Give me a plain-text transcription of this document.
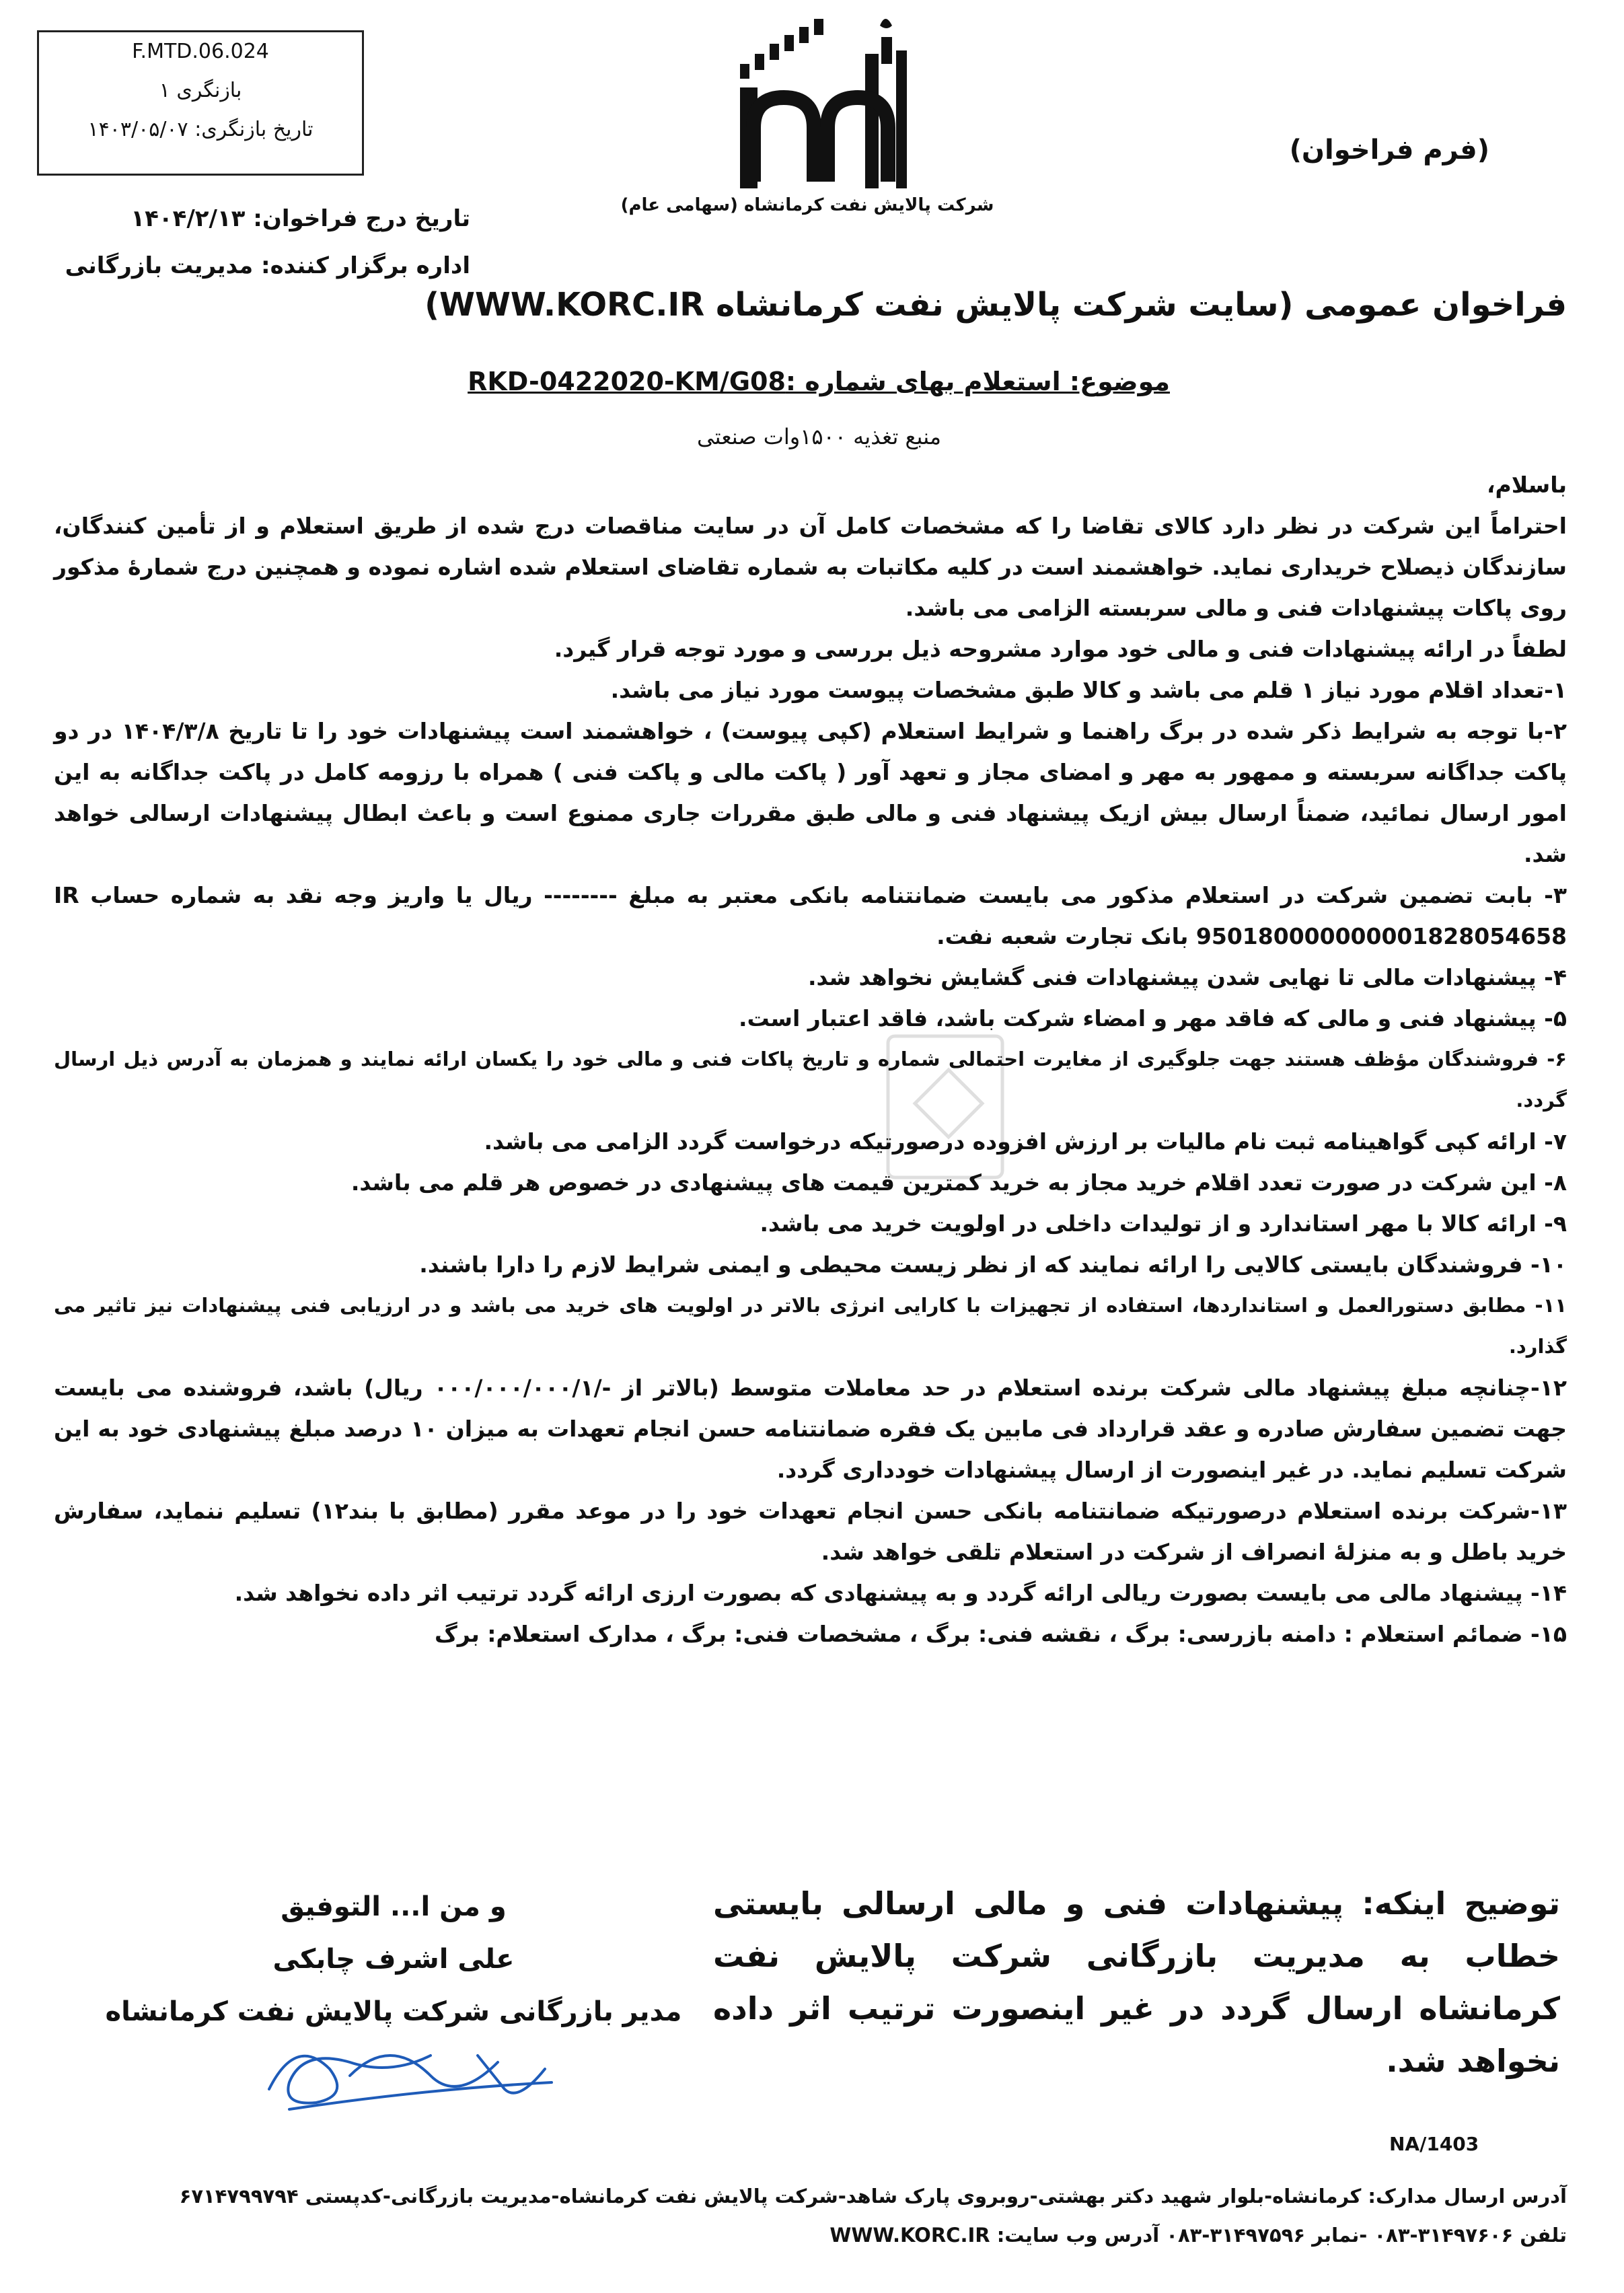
F.MTD.06.024
بازنگری ۱
تاریخ بازنگری: ۱۴۰۳/۰۵/۰۷
شرکت پالایش نفت کرمانشاه (سهامی عام)
(فرم فراخوان)
تاریخ درج فراخوان: ۱۴۰۴/۲/۱۳
اداره برگزار کننده: مدیریت بازرگانی
فراخوان عمومی (سایت شرکت پالایش نفت کرمانشاه WWW.KORC.IR)
موضوع: استعلام بهای شماره :RKD-0422020-KM/G08
منبع تغذیه ۱۵۰۰وات صنعتی

باسلام،

احتراماً این شرکت در نظر دارد کالای تقاضا را که مشخصات کامل آن در سایت مناقصات درج شده از طریق استعلام و از تأمین کنندگان، سازندگان ذیصلاح خریداری نماید. خواهشمند است در کلیه مکاتبات به شماره تقاضای استعلام شده اشاره نموده و همچنین درج شمارهٔ مذکور روی پاکات پیشنهادات فنی و مالی سربسته الزامی می باشد.

لطفاً در ارائه پیشنهادات فنی و مالی خود موارد مشروحه ذیل بررسی و مورد توجه قرار گیرد.

۱-تعداد اقلام مورد نیاز ۱ قلم می باشد و کالا طبق مشخصات پیوست مورد نیاز می باشد.

۲-با توجه به شرایط ذکر شده در برگ راهنما و شرایط استعلام (کپی پیوست) ، خواهشمند است پیشنهادات خود را تا تاریخ ۱۴۰۴/۳/۸ در دو پاکت جداگانه سربسته و ممهور به مهر و امضای مجاز و تعهد آور ( پاکت مالی و پاکت فنی ) همراه با رزومه کامل در پاکت جداگانه به این امور ارسال نمائید، ضمناً ارسال بیش ازیک پیشنهاد فنی و مالی طبق مقررات جاری ممنوع است و باعث ابطال پیشنهادات ارسالی خواهد شد.

۳- بابت تضمین شرکت در استعلام مذکور می بایست ضمانتنامه بانکی معتبر به مبلغ -------- ریال یا واریز وجه نقد به شماره حساب IR 950180000000001828054658 بانک تجارت شعبه نفت.

۴- پیشنهادات مالی تا نهایی شدن پیشنهادات فنی گشایش نخواهد شد.

۵- پیشنهاد فنی و مالی که فاقد مهر و امضاء شرکت باشد، فاقد اعتبار است.

۶- فروشندگان مؤظف هستند جهت جلوگیری از مغایرت احتمالی شماره و تاریخ پاکات فنی و مالی خود را یکسان ارائه نمایند و همزمان به آدرس ذیل ارسال گردد.

۷- ارائه کپی گواهینامه ثبت نام مالیات بر ارزش افزوده درصورتیکه درخواست گردد الزامی می باشد.

۸- این شرکت در صورت تعدد اقلام خرید مجاز به خرید کمترین قیمت های پیشنهادی در خصوص هر قلم می باشد.

۹- ارائه کالا با مهر استاندارد و از تولیدات داخلی در اولویت خرید می باشد.

۱۰- فروشندگان بایستی کالایی را ارائه نمایند که از نظر زیست محیطی و ایمنی شرایط لازم را دارا باشند.

۱۱- مطابق دستورالعمل و استانداردها، استفاده از تجهیزات با کارایی انرژی بالاتر در اولویت های خرید می باشد و در ارزیابی فنی پیشنهادات نیز تاثیر می گذارد.

۱۲-چنانچه مبلغ پیشنهاد مالی شرکت برنده استعلام در حد معاملات متوسط (بالاتر از -/۰۰۰/۰۰۰/۰۰۰/۱ ریال) باشد، فروشنده می بایست جهت تضمین سفارش صادره و عقد قرارداد فی مابین یک فقره ضمانتنامه حسن انجام تعهدات به میزان ۱۰ درصد مبلغ پیشنهادی خود به این شرکت تسلیم نماید. در غیر اینصورت از ارسال پیشنهادات خودداری گردد.

۱۳-شرکت برنده استعلام درصورتیکه ضمانتنامه بانکی حسن انجام تعهدات خود را در موعد مقرر (مطابق با بند۱۲) تسلیم ننماید، سفارش خرید باطل و به منزلهٔ انصراف از شرکت در استعلام تلقی خواهد شد.

۱۴- پیشنهاد مالی می بایست بصورت ریالی ارائه گردد و به پیشنهادی که بصورت ارزی ارائه گردد ترتیب اثر داده نخواهد شد.

۱۵- ضمائم استعلام : دامنه بازرسی: برگ ، نقشه فنی: برگ ، مشخصات فنی: برگ ، مدارک استعلام: برگ

توضیح اینکه: پیشنهادات فنی و مالی ارسالی بایستی خطاب به مدیریت بازرگانی شرکت پالایش نفت کرمانشاه ارسال گردد در غیر اینصورت ترتیب اثر داده نخواهد شد.
و من ا... التوفیق
علی اشرف چابکی
مدیر بازرگانی شرکت پالایش نفت کرمانشاه
NA/1403
آدرس ارسال مدارک: کرمانشاه-بلوار شهید دکتر بهشتی-روبروی پارک شاهد-شرکت پالایش نفت کرمانشاه-مدیریت بازرگانی-کدپستی ۶۷۱۴۷۹۹۷۹۴
تلفن ۳۱۴۹۷۶۰۶-۰۸۳ -نمابر ۳۱۴۹۷۵۹۶-۰۸۳ آدرس وب سایت: WWW.KORC.IR
